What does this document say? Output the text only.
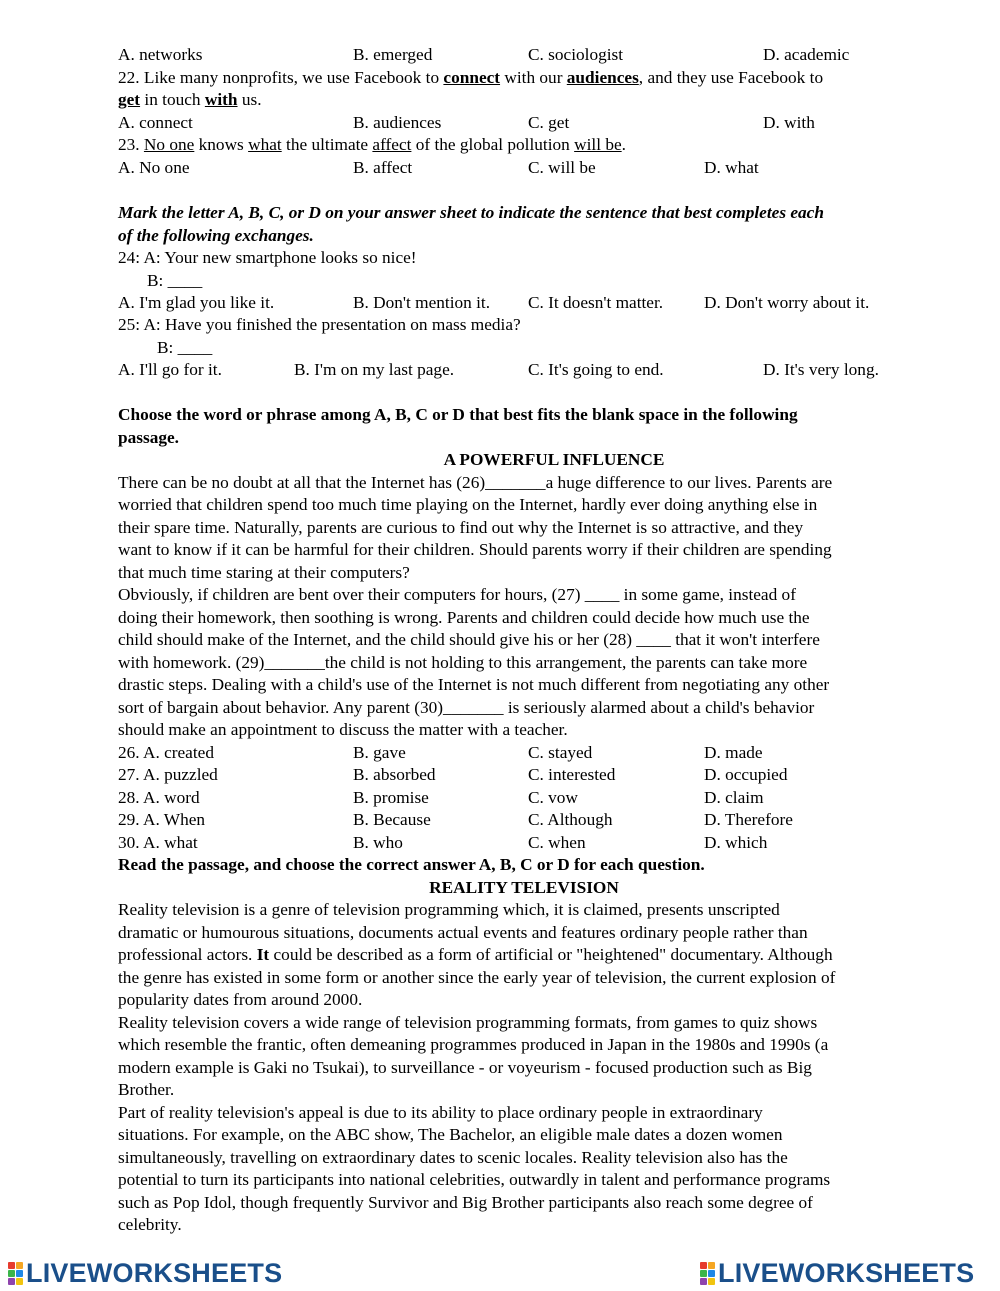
A. networks	B. emerged	C. sociologist	D. academic
22. Like many nonprofits, we use Facebook to connect with our audiences, and they use Facebook to
get in touch with us.
A. connect	B. audiences	C. get	D. with
23. No one knows what the ultimate affect of the global pollution will be.
A. No one	B. affect	C. will be	D. what
Mark the letter A, B, C, or D on your answer sheet to indicate the sentence that best completes each
of the following exchanges.
24: A: Your new smartphone looks so nice!
B: ____
A. I'm glad you like it.	B. Don't mention it. C. It doesn't matter. D. Don't worry about it.
25: A: Have you finished the presentation on mass media?
B: ____
A. I'll go for it.	B. I'm on my last page.	C. It's going to end.	D. It's very long.
Choose the word or phrase among A, B, C or D that best fits the blank space in the following
passage.
A POWERFUL INFLUENCE
There can be no doubt at all that the Internet has (26)_______a huge difference to our lives. Parents are
worried that children spend too much time playing on the Internet, hardly ever doing anything else in
their spare time. Naturally, parents are curious to find out why the Internet is so attractive, and they
want to know if it can be harmful for their children. Should parents worry if their children are spending
that much time staring at their computers?
Obviously, if children are bent over their computers for hours, (27) ____ in some game, instead of
doing their homework, then soothing is wrong. Parents and children could decide how much use the
child should make of the Internet, and the child should give his or her (28) ____ that it won't interfere
with homework. (29)_______the child is not holding to this arrangement, the parents can take more
drastic steps. Dealing with a child's use of the Internet is not much different from negotiating any other
sort of bargain about behavior. Any parent (30)_______ is seriously alarmed about a child's behavior
should make an appointment to discuss the matter with a teacher.
26. A. created	B. gave	C. stayed	D. made
27. A. puzzled	B. absorbed	C. interested	D. occupied
28. A. word	B. promise	C. vow	D. claim
29. A. When	B. Because	C. Although	D. Therefore
30. A. what	B. who	C. when	D. which
Read the passage, and choose the correct answer A, B, C or D for each question.
REALITY TELEVISION
Reality television is a genre of television programming which, it is claimed, presents unscripted
dramatic or humourous situations, documents actual events and features ordinary people rather than
professional actors. It could be described as a form of artificial or "heightened" documentary. Although
the genre has existed in some form or another since the early year of television, the current explosion of
popularity dates from around 2000.
Reality television covers a wide range of television programming formats, from games to quiz shows
which resemble the frantic, often demeaning programmes produced in Japan in the 1980s and 1990s (a
modern example is Gaki no Tsukai), to surveillance - or voyeurism - focused production such as Big
Brother.
Part of reality television's appeal is due to its ability to place ordinary people in extraordinary
situations. For example, on the ABC show, The Bachelor, an eligible male dates a dozen women
simultaneously, travelling on extraordinary dates to scenic locales. Reality television also has the
potential to turn its participants into national celebrities, outwardly in talent and performance programs
such as Pop Idol, though frequently Survivor and Big Brother participants also reach some degree of
celebrity.
LIVEWORKSHEETS	LIVEWORKSHEETS
